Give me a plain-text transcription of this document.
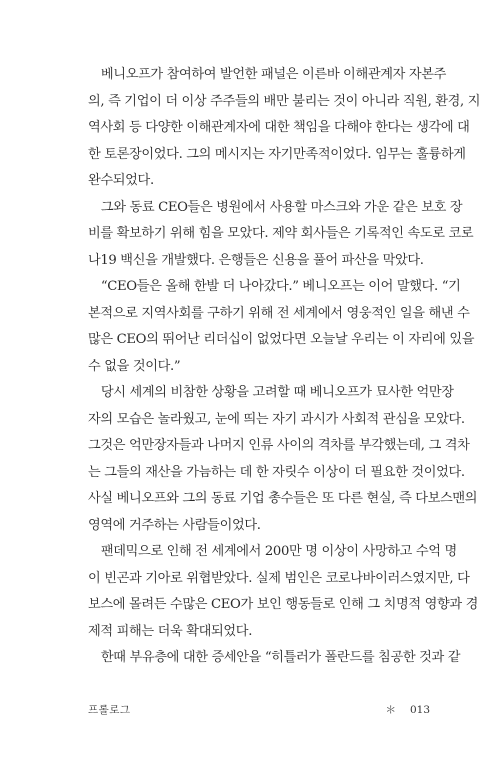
　베니오프가 참여하여 발언한 패널은 이른바 이해관계자 자본주
의, 즉 기업이 더 이상 주주들의 배만 불리는 것이 아니라 직원, 환경, 지
역사회 등 다양한 이해관계자에 대한 책임을 다해야 한다는 생각에 대
한 토론장이었다. 그의 메시지는 자기만족적이었다. 임무는 훌륭하게
완수되었다.

　그와 동료 CEO들은 병원에서 사용할 마스크와 가운 같은 보호 장
비를 확보하기 위해 힘을 모았다. 제약 회사들은 기록적인 속도로 코로
나19 백신을 개발했다. 은행들은 신용을 풀어 파산을 막았다.

　“CEO들은 올해 한발 더 나아갔다.” 베니오프는 이어 말했다. “기
본적으로 지역사회를 구하기 위해 전 세계에서 영웅적인 일을 해낸 수
많은 CEO의 뛰어난 리더십이 없었다면 오늘날 우리는 이 자리에 있을
수 없을 것이다.”

　당시 세계의 비참한 상황을 고려할 때 베니오프가 묘사한 억만장
자의 모습은 놀라웠고, 눈에 띄는 자기 과시가 사회적 관심을 모았다.
그것은 억만장자들과 나머지 인류 사이의 격차를 부각했는데, 그 격차
는 그들의 재산을 가늠하는 데 한 자릿수 이상이 더 필요한 것이었다.
사실 베니오프와 그의 동료 기업 총수들은 또 다른 현실, 즉 다보스맨의
영역에 거주하는 사람들이었다.

　팬데믹으로 인해 전 세계에서 200만 명 이상이 사망하고 수억 명
이 빈곤과 기아로 위협받았다. 실제 범인은 코로나바이러스였지만, 다
보스에 몰려든 수많은 CEO가 보인 행동들로 인해 그 치명적 영향과 경
제적 피해는 더욱 확대되었다.

　한때 부유층에 대한 증세안을 “히틀러가 폴란드를 침공한 것과 같

프롤로그	＊ 013
